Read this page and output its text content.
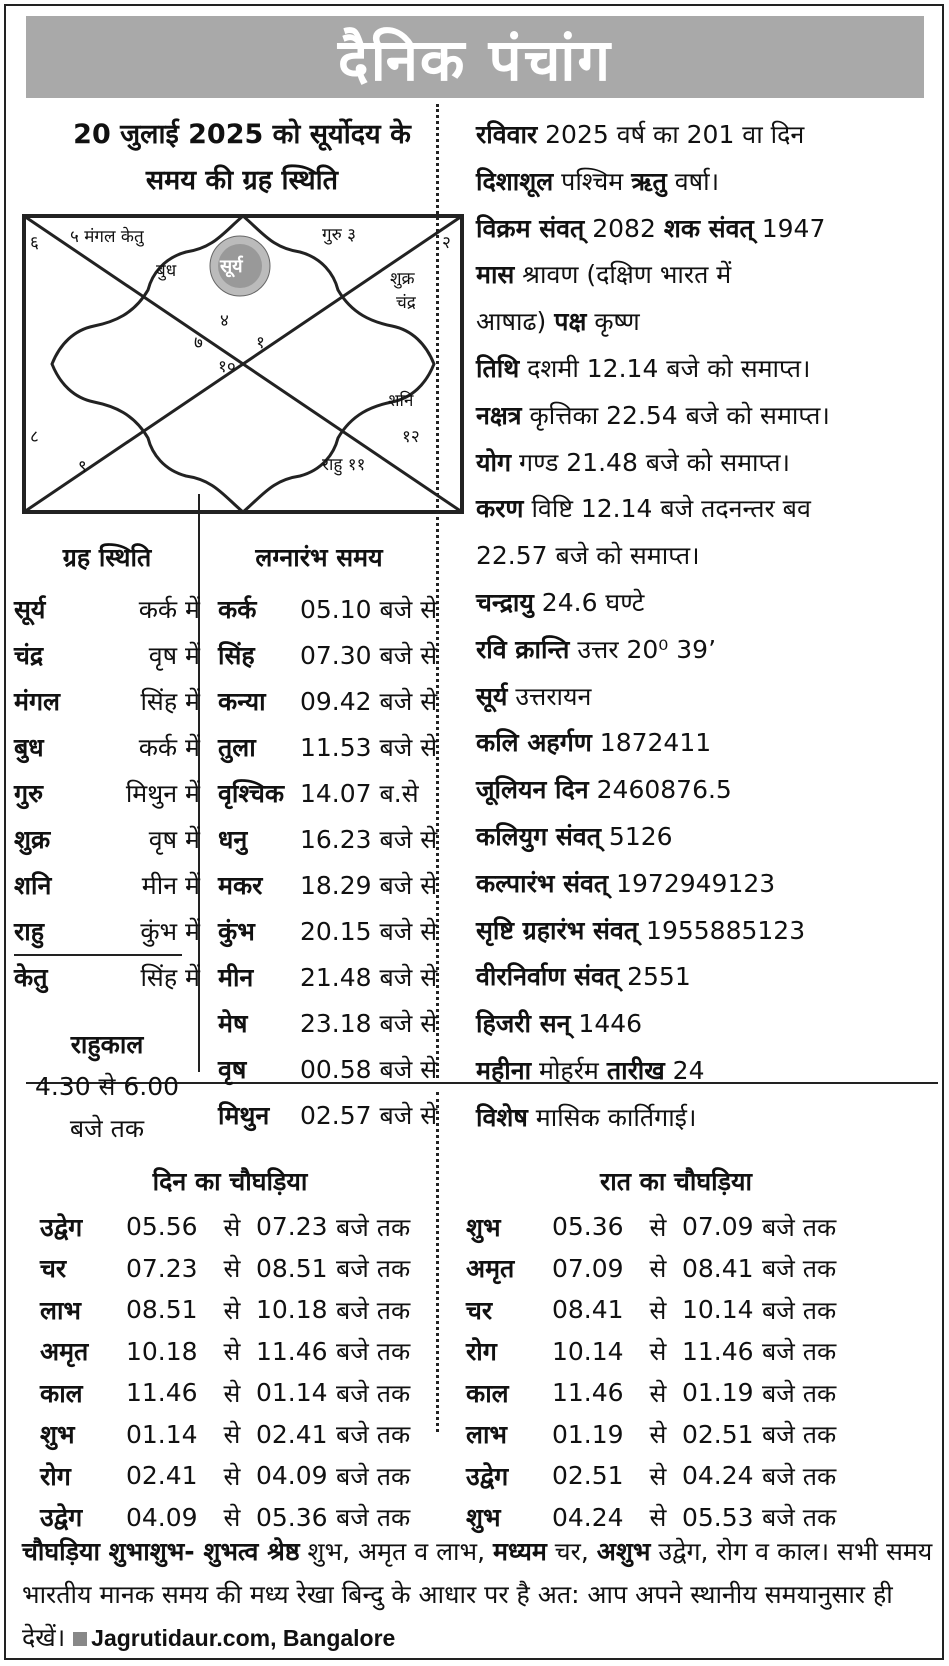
दैनिक पंचांग
20 जुलाई 2025 को सूर्योदय के
समय की ग्रह स्थिति
सूर्य
५ मंगल केतु	गुरु ३
६	२
बुध	शुक्र
चंद्र
४
७	१
१०
शनि
८	१२
९	राहु ११

रविवार 2025 वर्ष का 201 वा दिन

दिशाशूल पश्चिम ऋतु वर्षा।

विक्रम संवत् 2082 शक संवत् 1947

मास श्रावण (दक्षिण भारत में

आषाढ) पक्ष कृष्ण

तिथि दशमी 12.14 बजे को समाप्त।

नक्षत्र कृत्तिका 22.54 बजे को समाप्त।

योग गण्ड 21.48 बजे को समाप्त।

करण विष्टि 12.14 बजे तदनन्तर बव

22.57 बजे को समाप्त।

चन्द्रायु 24.6 घण्टे

रवि क्रान्ति उत्तर 20⁰ 39’

सूर्य उत्तरायन

कलि अहर्गण 1872411

जूलियन दिन 2460876.5

कलियुग संवत् 5126

कल्पारंभ संवत् 1972949123

सृष्टि ग्रहारंभ संवत् 1955885123

वीरनिर्वाण संवत् 2551

हिजरी सन् 1446

महीना मोहर्रम तारीख 24

विशेष मासिक कार्तिगाई।

ग्रह स्थिति
सूर्य	कर्क में
चंद्र	वृष में
मंगल	सिंह में
बुध	कर्क में
गुरु	मिथुन में
शुक्र	वृष में
शनि	मीन में
राहु	कुंभ में
केतु	सिंह में
लग्नारंभ समय
कर्क	05.10 बजे से
सिंह	07.30 बजे से
कन्या	09.42 बजे से
तुला	11.53 बजे से
वृश्चिक 14.07 ब.से
धनु	16.23 बजे से
मकर	18.29 बजे से
कुंभ	20.15 बजे से
मीन	21.48 बजे से
मेष	23.18 बजे से
वृष	00.58 बजे से
मिथुन	02.57 बजे से
राहुकाल
4.30 से 6.00
बजे तक
दिन का चौघड़िया
उद्वेग	05.56	से 07.23 बजे तक
चर	07.23	से 08.51 बजे तक
लाभ	08.51	से 10.18 बजे तक
अमृत	10.18	से 11.46 बजे तक
काल	11.46	से 01.14 बजे तक
शुभ	01.14	से 02.41 बजे तक
रोग	02.41	से 04.09 बजे तक
उद्वेग	04.09	से 05.36 बजे तक
रात का चौघड़िया
शुभ	05.36	से 07.09 बजे तक
अमृत	07.09	से 08.41 बजे तक
चर	08.41	से 10.14 बजे तक
रोग	10.14	से 11.46 बजे तक
काल	11.46	से 01.19 बजे तक
लाभ	01.19	से 02.51 बजे तक
उद्वेग	02.51	से 04.24 बजे तक
शुभ	04.24	से 05.53 बजे तक
चौघड़िया शुभाशुभ- शुभत्व श्रेष्ठ शुभ, अमृत व लाभ, मध्यम चर, अशुभ उद्वेग, रोग व काल। सभी समय भारतीय मानक समय की मध्य रेखा बिन्दु के आधार पर है अत: आप अपने स्थानीय समयानुसार ही देखें। Jagrutidaur.com, Bangalore
